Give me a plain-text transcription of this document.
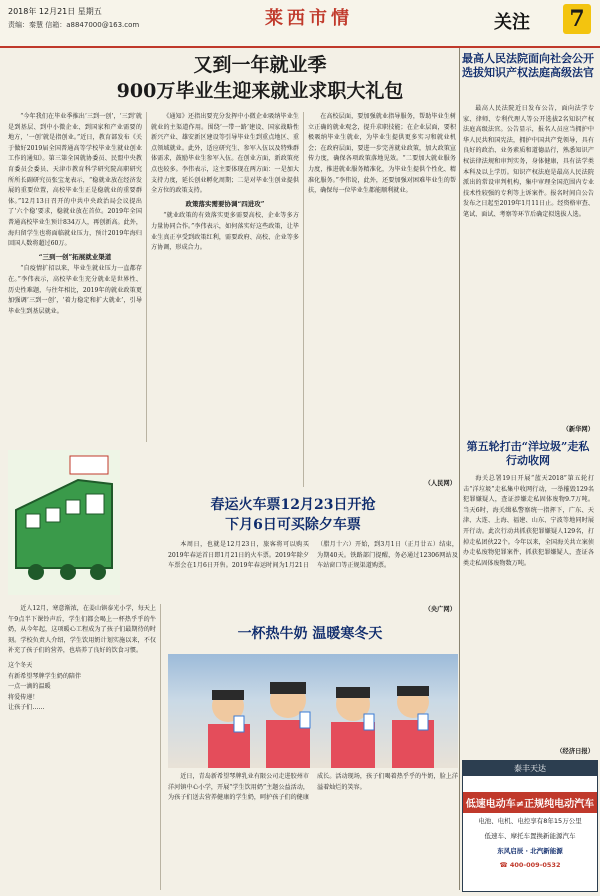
2018年 12月21日 星期五
责编：秦慧 信箱：a8847000@163.com	莱西市情	关注 7
又到一年就业季
900万毕业生迎来就业求职大礼包

“今年我们在毕业季推出‘三到一创’，‘三到’就是到基层、到中小微企业、到国家和产业需要的地方，‘一创’就是指创业。”近日，教育部发布《关于做好2019届全国普通高等学校毕业生就业创业工作的通知》。第三第全国就协委员、民盟中央教育委员会委员、天津市教育科学研究院高职研究所所长副研究员张宝龙表示，“稳就业放在经济发展的重要位置，高校毕业生正是稳就业的重要群体。”12月13日召开的中共中央政治局会议提出了‘六个稳’要求，稳就业放在首位。2019年全国普通高校毕业生预计834万人，再创新高。此外，海归留学生也将面临就业压力，预计2019年海归回国人数将超过60万。

“三到一创”拓展就业渠道

“自疫情扩招以来，毕业生就业压力一直都存在。”李伟表示，高校毕业生充分就业是世界性、历史性难题，与往年相比，2019年的就业政策更加强调‘三到一创’，‘着力稳定和扩大就业’，引导毕业生到基层就业。

《通知》还指出要充分发挥中小微企业吸纳毕业生就业的主渠道作用。围绕‘一带一路’建设、国家战略性新兴产业、雄安新区建设等引导毕业生到重点地区、重点领域就业。此外，适应研究生、参军入伍以及特殊群体需求，鼓励毕业生参军入伍。在创业方面，新政策亮点也较多。李伟表示，这主要体现在两方面：一是加大支持力度，延长创业孵化周期；二是对毕业生创业提供全方位的政策支持。

政策落实需要协调“四进攻”

“就业政策的有效落实更多需要高校、企业等多方力量协同合作。”李伟表示，如何落实好这些政策，让毕业生真正享受到政策红利，需要政府、高校、企业等多方协调，形成合力。

在高校层面，要加强就业指导服务，帮助毕业生树立正确的就业观念，提升求职技能；在企业层面，要积极吸纳毕业生就业，为毕业生提供更多实习和就业机会；在政府层面，要进一步完善就业政策，加大政策宣传力度，确保各项政策落地见效。“二要加大就业服务力度，推进就业服务精准化，为毕业生提供个性化、精准化服务。”李伟说，此外，还要加强对困难毕业生的帮扶，确保每一位毕业生都能顺利就业。

（人民网）
最高人民法院面向社会公开选拔知识产权法庭高级法官

最高人民法院近日发布公告，面向法学专家、律师、专利代理人等公开选拔2名知识产权法庭高级法官。公告显示，报名人员应当拥护中华人民共和国宪法，拥护中国共产党领导，具有良好的政治、业务素质和道德品行，熟悉知识产权法律法规和审判实务，身体健康，具有法学类本科及以上学历。知识产权法庭是最高人民法院派出的常设审判机构，集中审理全国范围内专业技术性较强的专利等上诉案件。报名时间自公告发布之日起至2019年1月11日止。经资格审查、笔试、面试、考察等环节后确定拟选拔人选。

（新华网）
第五轮打击“洋垃圾”走私行动收网

海关总署19日开展“蓝天2018”第五轮打击“洋垃圾”走私集中收网行动，一举摧毁129名犯罪嫌疑人，查证涉嫌走私固体废物9.7万吨。当天6时，海关缉私警察统一指挥下，广东、天津、大连、上海、福建、山东、宁波等地同时展开行动。此次行动共抓获犯罪嫌疑人129名，打掉走私团伙22个。今年以来，全国海关共立案侦办走私废物犯罪案件，抓获犯罪嫌疑人，查证各类走私固体废物数万吨。

（经济日报）
春运火车票12月23日开抢
下月6日可买除夕车票

本周日，也就是12月23日，旅客将可以购买2019年春运首日即1月21日的火车票。2019年除夕车票会在1月6日开售。2019年春运时间为1月21日（腊月十六）开始，到3月1日（正月廿五）结束，为期40天。铁路部门提醒，务必通过12306网站及车站窗口等正规渠道购票。

（央广网）

近人12月，寒意渐浓，在姜山镇泰光小学，每天上午9点半下课铃声后，学生们都会喝上一杯热乎乎的牛奶，从今年起，这项暖心工程成为了孩子们最期待的时刻。学校负责人介绍，学生饮用奶计划实施以来，不仅补充了孩子们的营养，也培养了良好的饮食习惯。

这个冬天
有新希望琴牌学生奶的陪伴
一点一滴的温暖
将爱传递！
让孩子们……
一杯热牛奶 温暖寒冬天

近日，青岛新希望琴牌乳业有限公司走进胶州市洋河镇中心小学，开展“学生饮用奶”主题公益活动，为孩子们送去营养健康的学生奶，呵护孩子们的健康成长。活动现场，孩子们喝着热乎乎的牛奶，脸上洋溢着灿烂的笑容。

泰丰天达
低速电动车≠正规纯电动汽车
电池、电机、电控享有8年15万公里
低速车、摩托车置换新能源汽车
东风启辰 · 北汽新能源
☎ 400-009-0532
